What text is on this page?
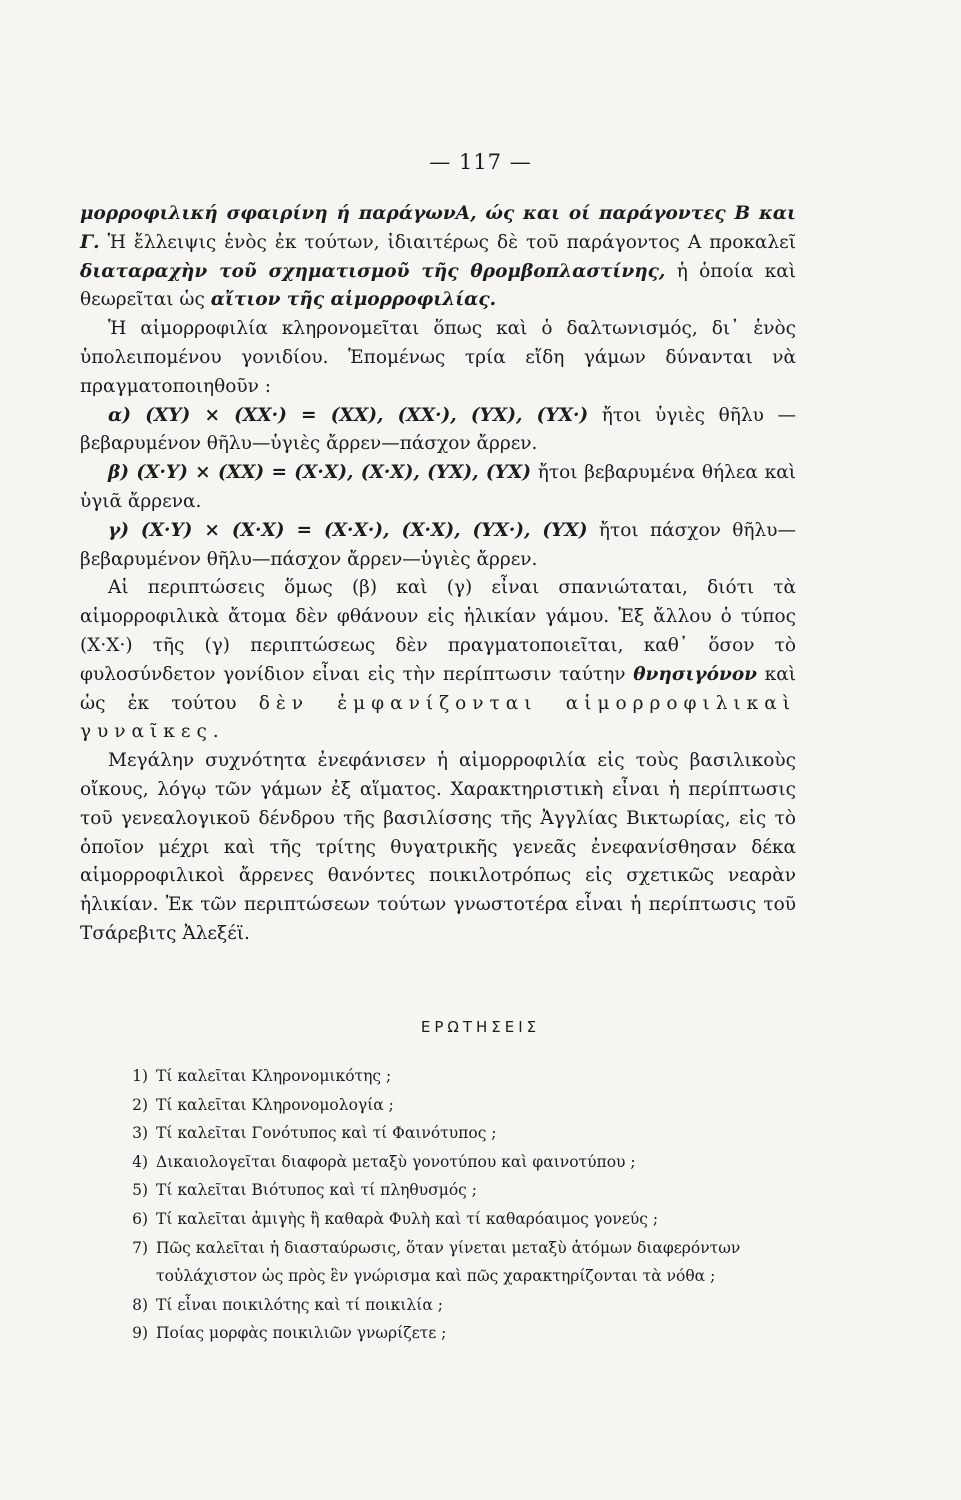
— 117 —

μορροφιλική σφαιρίνη ή παράγωνA, ώς και οί παράγοντες B και Γ. Ἡ ἔλλειψις ἑνὸς ἐκ τούτων, ἰδιαιτέρως δὲ τοῦ παράγοντος Α προκαλεῖ διαταραχὴν τοῦ σχηματισμοῦ τῆς θρομβοπλαστίνης, ἡ ὁποία καὶ θεωρεῖται ὡς αἴτιον τῆς αἱμορροφιλίας.

Ἡ αἱμορροφιλία κληρονομεῖται ὅπως καὶ ὁ δαλτωνισμός, δι᾿ ἑνὸς ὑπολειπομένου γονιδίου. Ἑπομένως τρία εἴδη γάμων δύνανται νὰ πραγματοποιηθοῦν :

α) (XY) × (XX·) = (XX), (XX·), (YX), (YX·) ἤτοι ὑγιὲς θῆλυ —βεβαρυμένον θῆλυ—ὑγιὲς ἄρρεν—πάσχον ἄρρεν.

β) (X·Y) × (XX) = (X·X), (X·X), (YX), (YX) ἤτοι βεβαρυμένα θήλεα καὶ ὑγιᾶ ἄρρενα.

γ) (X·Y) × (X·X) = (X·X·), (X·X), (YX·), (YX) ἤτοι πάσχον θῆλυ—βεβαρυμένον θῆλυ—πάσχον ἄρρεν—ὑγιὲς ἄρρεν.

Αἱ περιπτώσεις ὅμως (β) καὶ (γ) εἶναι σπανιώταται, διότι τὰ αἱμορροφιλικὰ ἄτομα δὲν φθάνουν εἰς ἡλικίαν γάμου. Ἐξ ἄλλου ὁ τύπος (X·X·) τῆς (γ) περιπτώσεως δὲν πραγματοποιεῖται, καθ᾿ ὅσον τὸ φυλοσύνδετον γονίδιον εἶναι εἰς τὴν περίπτωσιν ταύτην θνησιγόνον καὶ ὡς ἐκ τούτου δὲν ἐμφανίζονται αἱμορροφιλικαὶ γυναῖκες.

Μεγάλην συχνότητα ἐνεφάνισεν ἡ αἱμορροφιλία εἰς τοὺς βασιλικοὺς οἴκους, λόγῳ τῶν γάμων ἐξ αἵματος. Χαρακτηριστικὴ εἶναι ἡ περίπτωσις τοῦ γενεαλογικοῦ δένδρου τῆς βασιλίσσης τῆς Ἀγγλίας Βικτωρίας, εἰς τὸ ὁποῖον μέχρι καὶ τῆς τρίτης θυγατρικῆς γενεᾶς ἐνεφανίσθησαν δέκα αἱμορροφιλικοὶ ἄρρενες θανόντες ποικιλοτρόπως εἰς σχετικῶς νεαρὰν ἡλικίαν. Ἐκ τῶν περιπτώσεων τούτων γνωστοτέρα εἶναι ἡ περίπτωσις τοῦ Τσάρεβιτς Ἀλεξέϊ.

ΕΡΩΤΗΣΕΙΣ
1) Τί καλεῖται Κληρονομικότης ;
2) Τί καλεῖται Κληρονομολογία ;
3) Τί καλεῖται Γονότυπος καὶ τί Φαινότυπος ;
4) Δικαιολογεῖται διαφορὰ μεταξὺ γονοτύπου καὶ φαινοτύπου ;
5) Τί καλεῖται Βιότυπος καὶ τί πληθυσμός ;
6) Τί καλεῖται ἀμιγὴς ἢ καθαρὰ Φυλὴ καὶ τί καθαρόαιμος γονεύς ;
7) Πῶς καλεῖται ἡ διασταύρωσις, ὅταν γίνεται μεταξὺ ἀτόμων διαφερόντων τοὐλάχιστον ὡς πρὸς ἓν γνώρισμα καὶ πῶς χαρακτηρίζονται τὰ νόθα ;
8) Τί εἶναι ποικιλότης καὶ τί ποικιλία ;
9) Ποίας μορφὰς ποικιλιῶν γνωρίζετε ;
